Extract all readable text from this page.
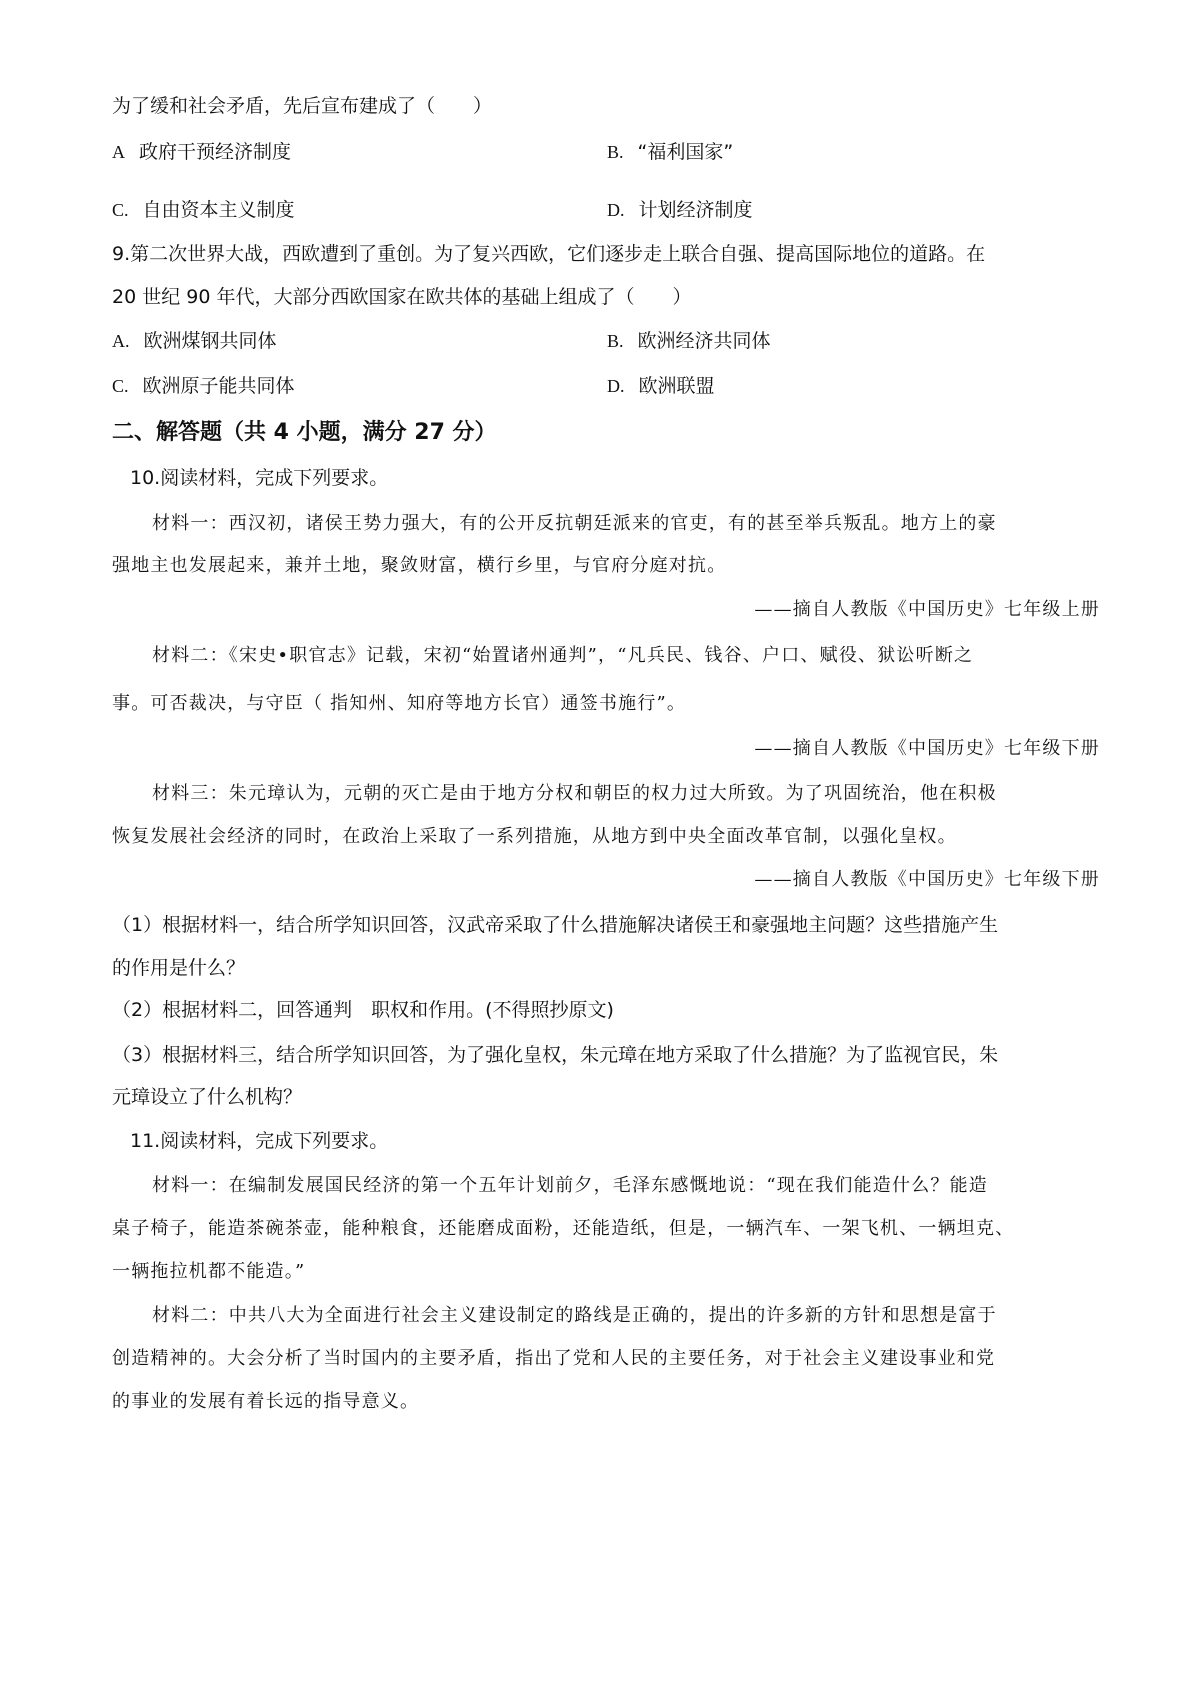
为了缓和社会矛盾，先后宣布建成了（　　）
A 政府干预经济制度	B. “福利国家”
C. 自由资本主义制度	D. 计划经济制度
9.第二次世界大战，西欧遭到了重创。为了复兴西欧，它们逐步走上联合自强、提高国际地位的道路。在
20 世纪 90 年代，大部分西欧国家在欧共体的基础上组成了（　　）
A. 欧洲煤钢共同体	B. 欧洲经济共同体
C. 欧洲原子能共同体	D. 欧洲联盟
二、解答题（共 4 小题，满分 27 分）
10.阅读材料，完成下列要求。
材料一：西汉初，诸侯王势力强大，有的公开反抗朝廷派来的官吏，有的甚至举兵叛乱。地方上的豪
强地主也发展起来，兼并土地，聚敛财富，横行乡里，与官府分庭对抗。
——摘自人教版《中国历史》七年级上册
材料二：《宋史•职官志》记载，宋初“始置诸州通判”，“凡兵民、钱谷、户口、赋役、狱讼听断之
事。可否裁决，与守臣（ 指知州、知府等地方长官）通签书施行”。
——摘自人教版《中国历史》七年级下册
材料三：朱元璋认为，元朝的灭亡是由于地方分权和朝臣的权力过大所致。为了巩固统治，他在积极
恢复发展社会经济的同时，在政治上采取了一系列措施，从地方到中央全面改革官制，以强化皇权。
——摘自人教版《中国历史》七年级下册
（1）根据材料一，结合所学知识回答，汉武帝采取了什么措施解决诸侯王和豪强地主问题？这些措施产生
的作用是什么？
（2）根据材料二，回答通判　职权和作用。(不得照抄原文)
（3）根据材料三，结合所学知识回答，为了强化皇权，朱元璋在地方采取了什么措施？为了监视官民，朱
元璋设立了什么机构？
11.阅读材料，完成下列要求。
材料一：在编制发展国民经济的第一个五年计划前夕，毛泽东感慨地说：“现在我们能造什么？能造
桌子椅子，能造茶碗茶壶，能种粮食，还能磨成面粉，还能造纸，但是，一辆汽车、一架飞机、一辆坦克、
一辆拖拉机都不能造。”
材料二：中共八大为全面进行社会主义建设制定的路线是正确的，提出的许多新的方针和思想是富于
创造精神的。大会分析了当时国内的主要矛盾，指出了党和人民的主要任务，对于社会主义建设事业和党
的事业的发展有着长远的指导意义。
